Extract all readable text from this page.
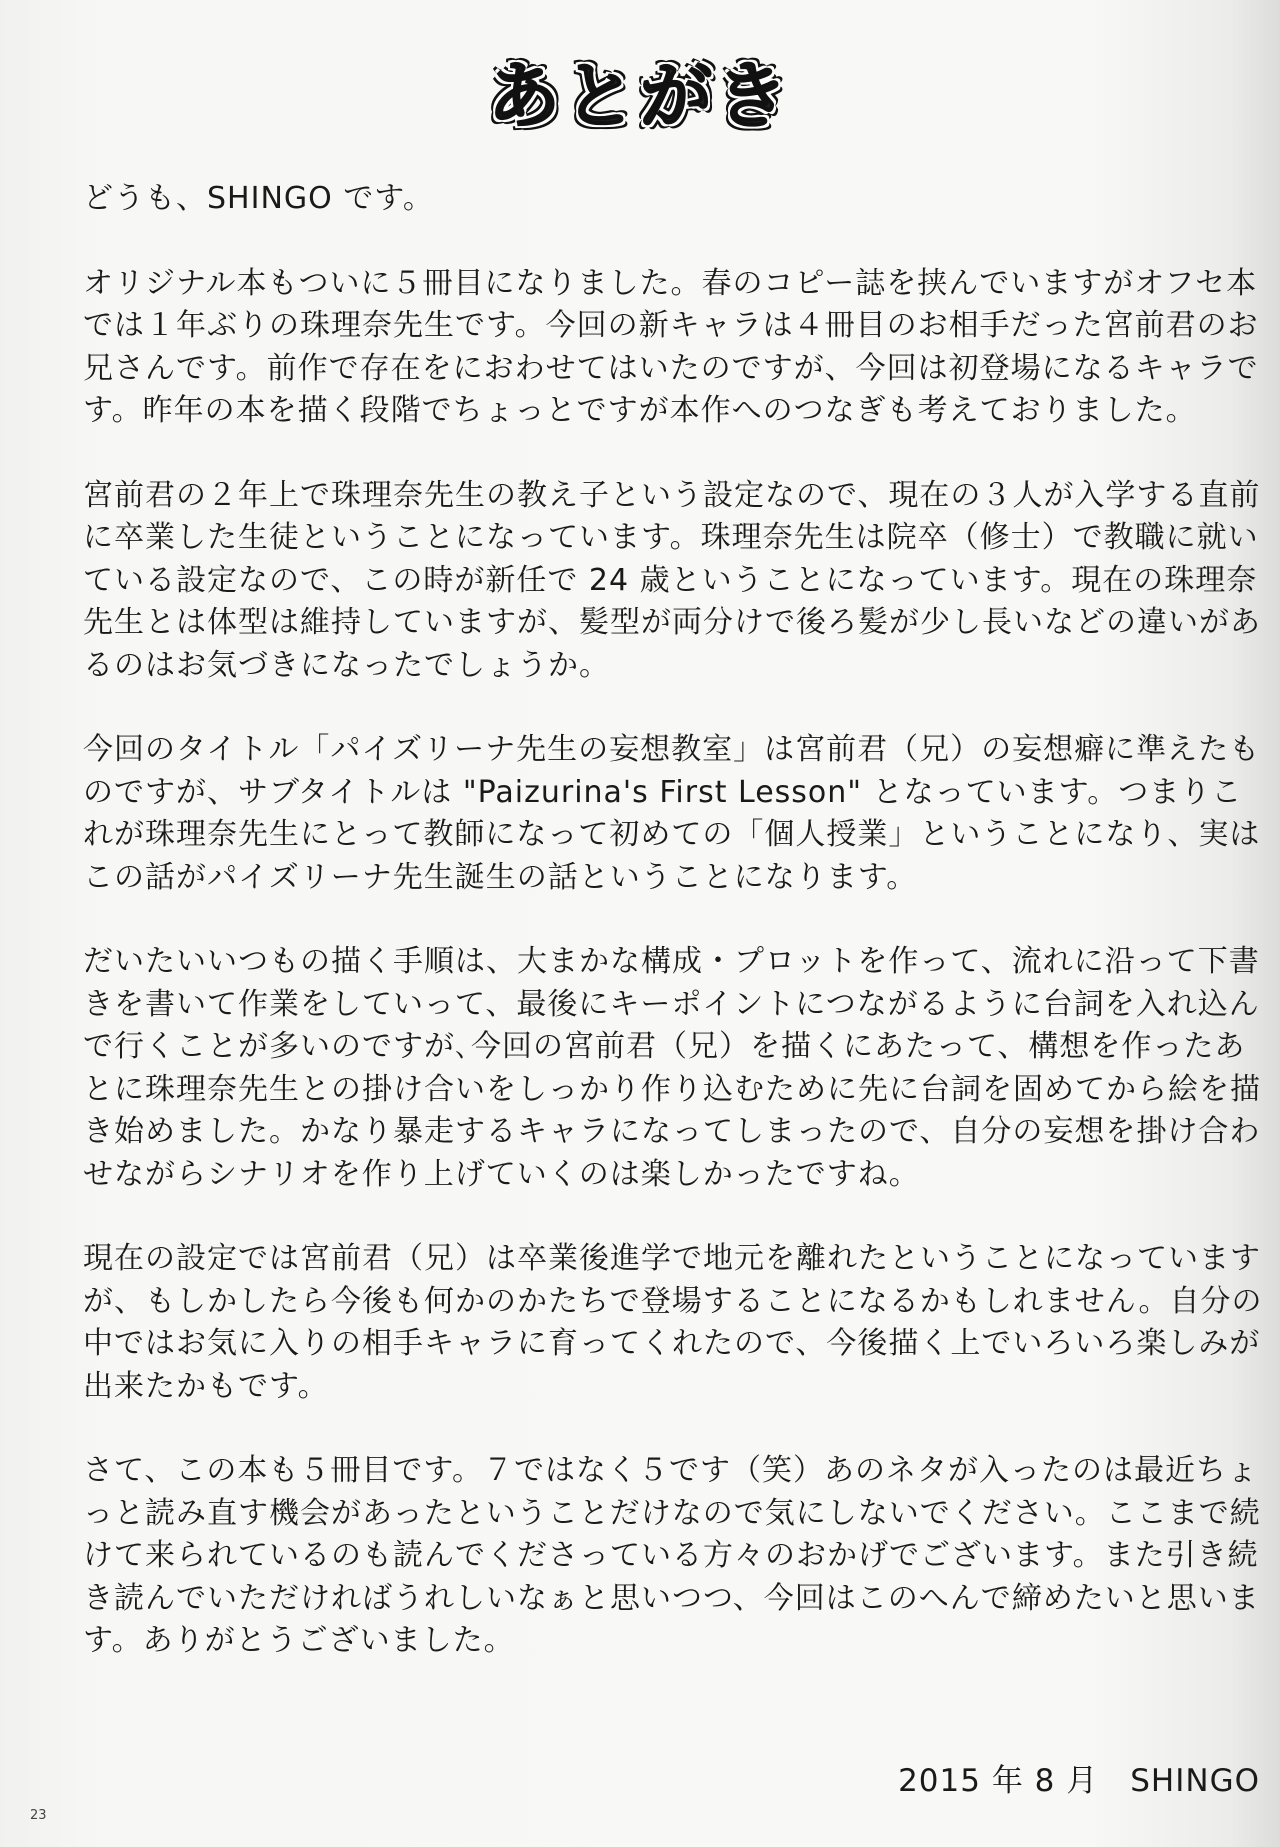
あとがき

どうも、SHINGO です。

オリジナル本もついに５冊目になりました。春のコピー誌を挟んでいますがオフセ本では１年ぶりの珠理奈先生です。今回の新キャラは４冊目のお相手だった宮前君のお兄さんです。前作で存在をにおわせてはいたのですが、今回は初登場になるキャラです。昨年の本を描く段階でちょっとですが本作へのつなぎも考えておりました。

宮前君の２年上で珠理奈先生の教え子という設定なので、現在の３人が入学する直前に卒業した生徒ということになっています。珠理奈先生は院卒（修士）で教職に就いている設定なので、この時が新任で 24 歳ということになっています。現在の珠理奈先生とは体型は維持していますが、髪型が両分けで後ろ髪が少し長いなどの違いがあるのはお気づきになったでしょうか。

今回のタイトル「パイズリーナ先生の妄想教室」は宮前君（兄）の妄想癖に準えたものですが、サブタイトルは "Paizurina's First Lesson" となっています。つまりこれが珠理奈先生にとって教師になって初めての「個人授業」ということになり、実はこの話がパイズリーナ先生誕生の話ということになります。

だいたいいつもの描く手順は、大まかな構成・プロットを作って、流れに沿って下書きを書いて作業をしていって、最後にキーポイントにつながるように台詞を入れ込んで行くことが多いのですが､今回の宮前君（兄）を描くにあたって、構想を作ったあとに珠理奈先生との掛け合いをしっかり作り込むために先に台詞を固めてから絵を描き始めました。かなり暴走するキャラになってしまったので、自分の妄想を掛け合わせながらシナリオを作り上げていくのは楽しかったですね。

現在の設定では宮前君（兄）は卒業後進学で地元を離れたということになっていますが、もしかしたら今後も何かのかたちで登場することになるかもしれません。自分の中ではお気に入りの相手キャラに育ってくれたので、今後描く上でいろいろ楽しみが出来たかもです。

さて、この本も５冊目です。７ではなく５です（笑）あのネタが入ったのは最近ちょっと読み直す機会があったということだけなので気にしないでください。ここまで続けて来られているのも読んでくださっている方々のおかげでございます。また引き続き読んでいただければうれしいなぁと思いつつ、今回はこのへんで締めたいと思います。ありがとうございました。

2015 年 8 月　SHINGO
23
